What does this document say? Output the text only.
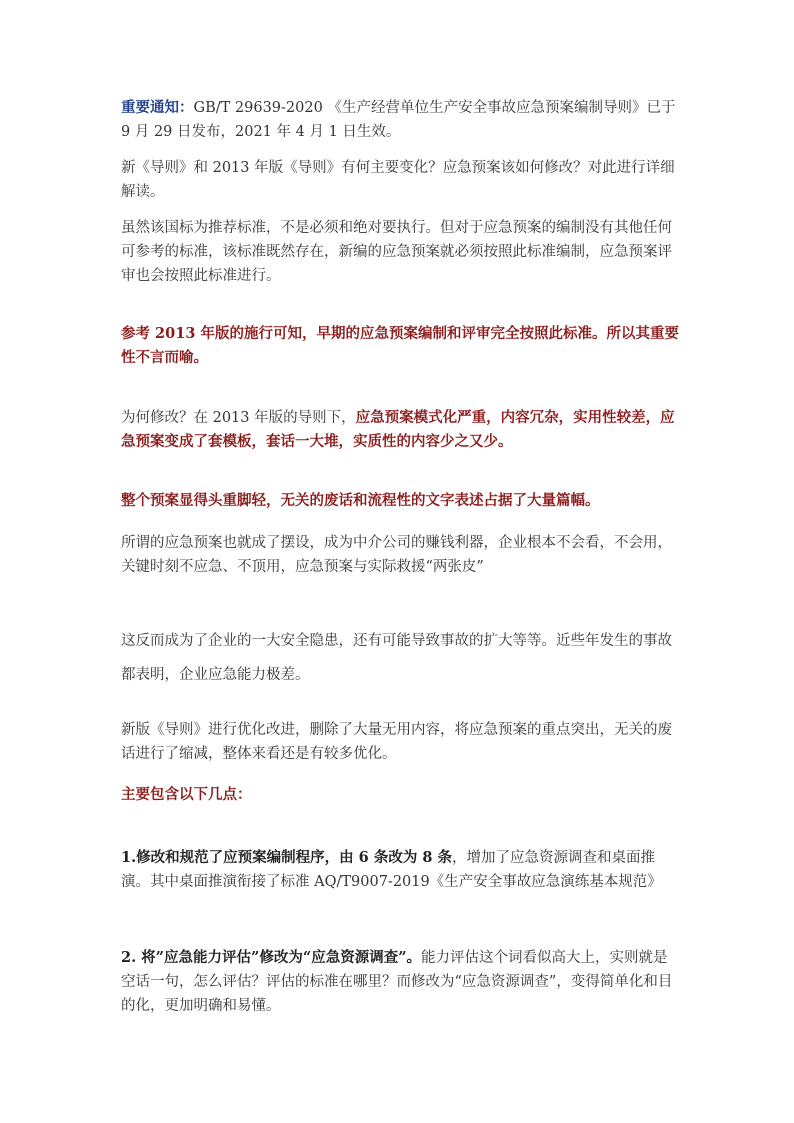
重要通知：GB/T 29639-2020 《生产经营单位生产安全事故应急预案编制导则》已于 9 月 29 日发布，2021 年 4 月 1 日生效。

新《导则》和 2013 年版《导则》有何主要变化？应急预案该如何修改？对此进行详细解读。

虽然该国标为推荐标准，不是必须和绝对要执行。但对于应急预案的编制没有其他任何可参考的标准，该标准既然存在，新编的应急预案就必须按照此标准编制，应急预案评审也会按照此标准进行。

参考 2013 年版的施行可知，早期的应急预案编制和评审完全按照此标准。所以其重要性不言而喻。

为何修改？在 2013 年版的导则下，应急预案模式化严重，内容冗杂，实用性较差，应急预案变成了套模板，套话一大堆，实质性的内容少之又少。

整个预案显得头重脚轻，无关的废话和流程性的文字表述占据了大量篇幅。

所谓的应急预案也就成了摆设，成为中介公司的赚钱利器，企业根本不会看，不会用，关键时刻不应急、不顶用，应急预案与实际救援“两张皮”

这反而成为了企业的一大安全隐患，还有可能导致事故的扩大等等。近些年发生的事故都表明，企业应急能力极差。

新版《导则》进行优化改进，删除了大量无用内容，将应急预案的重点突出，无关的废话进行了缩减，整体来看还是有较多优化。

主要包含以下几点：

1.修改和规范了应预案编制程序，由 6 条改为 8 条，增加了应急资源调查和桌面推演。其中桌面推演衔接了标准 AQ/T9007-2019《生产安全事故应急演练基本规范》

2. 将”应急能力评估”修改为“应急资源调查”。能力评估这个词看似高大上，实则就是空话一句，怎么评估？评估的标准在哪里？而修改为“应急资源调查”，变得简单化和目的化，更加明确和易懂。
